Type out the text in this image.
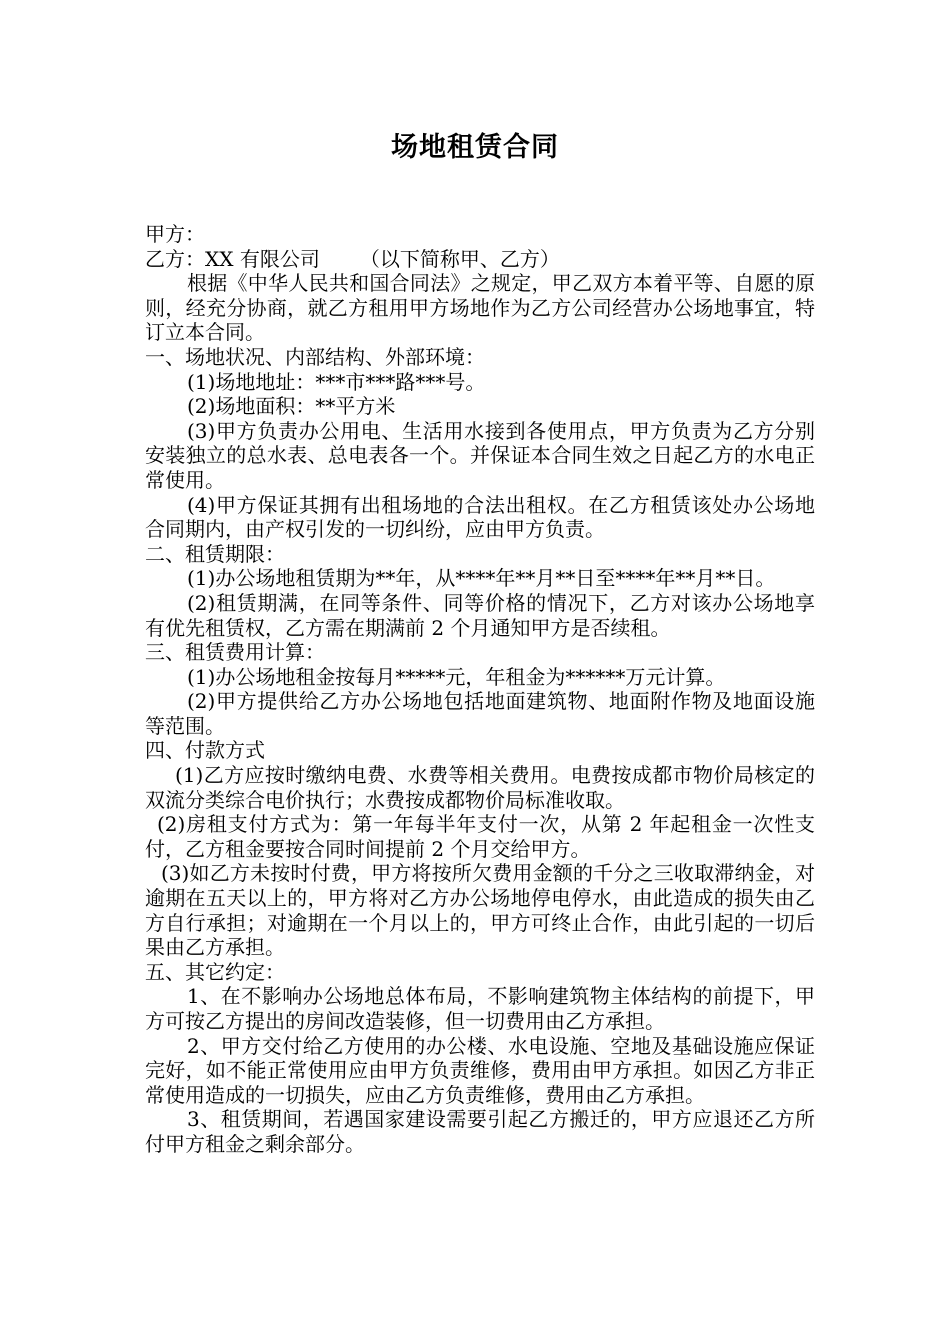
场地租赁合同

甲方：

乙方：XX 有限公司 （以下简称甲、乙方）

根据《中华人民共和国合同法》之规定，甲乙双方本着平等、自愿的原则，经充分协商，就乙方租用甲方场地作为乙方公司经营办公场地事宜，特订立本合同。

一、场地状况、内部结构、外部环境：

(1)场地地址：***市***路***号。

(2)场地面积：**平方米

(3)甲方负责办公用电、生活用水接到各使用点，甲方负责为乙方分别安装独立的总水表、总电表各一个。并保证本合同生效之日起乙方的水电正常使用。

(4)甲方保证其拥有出租场地的合法出租权。在乙方租赁该处办公场地合同期内，由产权引发的一切纠纷，应由甲方负责。

二、租赁期限：

(1)办公场地租赁期为**年，从****年**月**日至****年**月**日。

(2)租赁期满，在同等条件、同等价格的情况下，乙方对该办公场地享有优先租赁权，乙方需在期满前 2 个月通知甲方是否续租。

三、租赁费用计算：

(1)办公场地租金按每月*****元，年租金为******万元计算。

(2)甲方提供给乙方办公场地包括地面建筑物、地面附作物及地面设施等范围。

四、付款方式

(1)乙方应按时缴纳电费、水费等相关费用。电费按成都市物价局核定的双流分类综合电价执行；水费按成都物价局标准收取。

(2)房租支付方式为：第一年每半年支付一次，从第 2 年起租金一次性支付，乙方租金要按合同时间提前 2 个月交给甲方。

(3)如乙方未按时付费，甲方将按所欠费用金额的千分之三收取滞纳金，对逾期在五天以上的，甲方将对乙方办公场地停电停水，由此造成的损失由乙方自行承担；对逾期在一个月以上的，甲方可终止合作，由此引起的一切后果由乙方承担。

五、其它约定：

1、在不影响办公场地总体布局，不影响建筑物主体结构的前提下，甲方可按乙方提出的房间改造装修，但一切费用由乙方承担。

2、甲方交付给乙方使用的办公楼、水电设施、空地及基础设施应保证完好，如不能正常使用应由甲方负责维修，费用由甲方承担。如因乙方非正常使用造成的一切损失，应由乙方负责维修，费用由乙方承担。

3、租赁期间，若遇国家建设需要引起乙方搬迁的，甲方应退还乙方所付甲方租金之剩余部分。
